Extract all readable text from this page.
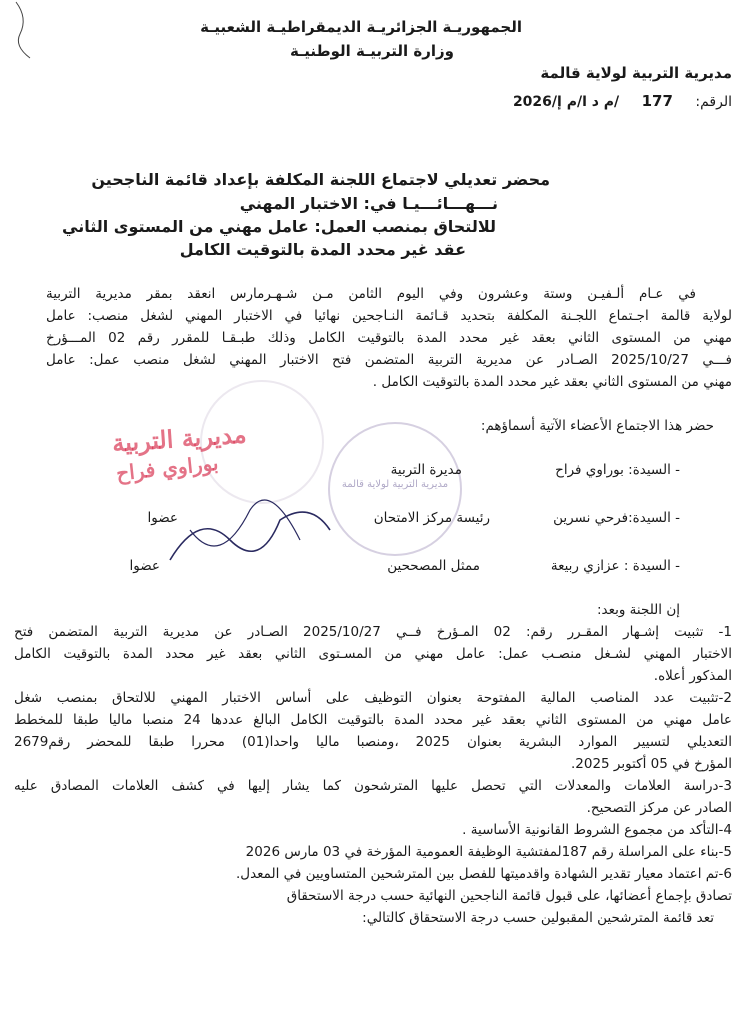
الجمهوريـة الجزائريـة الديمقراطيـة الشعبيـة
وزارة التربيـة الوطنيـة
مديرية التربية لولاية قالمة
الرقم: 177 /م د ا/م إ/2026
محضر تعديلي لاجتماع اللجنة المكلفة بإعداد قائمة الناجحين
نـــهـــائـــيـا في: الاختبار المهني
للالتحاق بمنصب العمل: عامل مهني من المستوى الثاني
عقد غير محدد المدة بالتوقيت الكامل
في عـام ألـفيـن وستة وعشرون وفي اليوم الثامن مـن شـهـرمارس انعقد بمقر مديرية التربية
لولاية قالمة اجـتماع اللجـنة المكلفة بتحديد قـائمة النـاجحين نهائيا في الاختبار المهني لشغل منصب: عامل
مهني من المستوى الثاني بعقد غير محدد المدة بالتوقيت الكامل وذلك طبـقـا للمقرر رقم 02 المـــؤرخ
فـــي 2025/10/27 الصـادر عن مديرية التربية المتضمن فتح الاختبار المهني لشغل منصب عمل: عامل
مهني من المستوى الثاني بعقد غير محدد المدة بالتوقيت الكامل .
مديرية التربية لولاية قالمة
مديرية التربية
بوراوي فراح
حضر هذا الاجتماع الأعضاء الآتية أسماؤهم:
- السيدة: بوراوي فراح
مديرة التربية
- السيدة:فرحي نسرين
رئيسة مركز الامتحان
عضوا
- السيدة : عزازي ربيعة
ممثل المصححين
عضوا
إن اللجنة وبعد:
1- تثبيت إشـهار المقـرر رقم: 02 المـؤرخ فــي 2025/10/27 الصـادر عن مديرية التربية المتضمن فتح
الاختبار المهني لشـغل منصـب عمل: عامل مهني من المسـتوى الثاني بعقد غير محدد المدة بالتوقيت الكامل
المذكور أعلاه.
2-تثبيت عدد المناصب المالية المفتوحة بعنوان التوظيف على أساس الاختبار المهني للالتحاق بمنصب شغل
عامل مهني من المستوى الثاني بعقد غير محدد المدة بالتوقيت الكامل البالغ عددها 24 منصبا ماليا طبقا للمخطط
التعديلي لتسيير الموارد البشرية بعنوان 2025 ،ومنصبا ماليا واحدا(01) محررا طبقا للمحضر رقم2679
المؤرخ في 05 أكتوبر 2025.
3-دراسة العلامات والمعدلات التي تحصل عليها المترشحون كما يشار إليها في كشف العلامات المصادق عليه
الصادر عن مركز التصحيح.
4-التأكد من مجموع الشروط القانونية الأساسية .
5-بناء على المراسلة رقم 187لمفتشية الوظيفة العمومية المؤرخة في 03 مارس 2026
6-تم اعتماد معيار تقدير الشهادة واقدميتها للفصل بين المترشحين المتساويين في المعدل.
تصادق بإجماع أعضائها، على قبول قائمة الناجحين النهائية حسب درجة الاستحقاق
تعد قائمة المترشحين المقبولين حسب درجة الاستحقاق كالتالي:
